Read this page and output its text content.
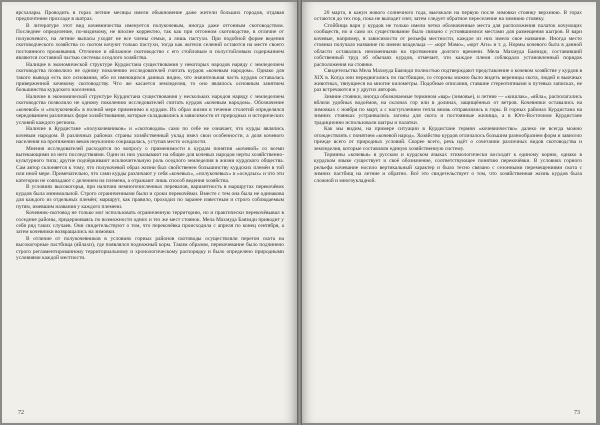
ярсхалары. Проводить в горах летние месяцы имели обыкновение даже жители больших городов, отдавая предпочтение прохладе в шатрах.

В литературе этот вид кочевничества именуется полукочевым, иногда даже отгонным скотоводством. Последнее определение, по-видимому, не вполне корректно, так как при отгонном скотоводстве, в отличие от полукочевого, на летние выпасы уходят не все члены семьи, а лишь пастухи. При подобной форме ведения скотоводческого хозяйства со скотом кочуют только пастухи, тогда как жители селений остаются на месте своего постоянного проживания. Отгонное и яйлажное скотоводство с его стойловым и полустойловым содержанием являются составной частью системы оседлого хозяйства.

Налицие в экономической структуре Курдистана существования у некоторых народов наряду с земледелием скотоводства позволило не одному поколению исследователей считать курдов «кочевым народом». Однако для такого вывода есть все основания, ибо из имеющихся данных видно, что значительная часть курдов оставалась приверженной кочевому скотоводству. Что же касается земледелия, то оно являлось основным занятием большинства курдского населения.

Наличие в экономической структуре Курдистана существования у нескольких народов наряду с земледелием скотоводства позволило не одному поколению исследователей считать курдов «кочевым народом». Обозначение «кочевой» и «полукочевой» в полной мере применимо к курдам. Их образ жизни в течение столетий определялся чередованием различных форм хозяйствования, которые складывались в зависимости от природных и исторических условий каждого региона.

Наличие в Курдистане «полукочевников» и «скотоводов» само по себе не означает, что курды являлись кочевым народом. В различных районах страны хозяйственный уклад имел свои особенности, а доля кочевого населения на протяжении веков неуклонно сокращалась, уступая место оседлости.

Мнения исследователей расходятся по вопросу о применимости к курдам понятия «кочевой» со всеми вытекающими из него последствиями. Одни из них указывают на общие для кочевых народов черты хозяйственно-культурного типа; другие подчёркивают исключительную роль оседлого земледелия в жизни курдского общества. Сам автор склоняется к тому, что полукочевой образ жизни был свойственен большинству курдских племён в той или иной мере. Примечательно, что сами курды различают у себя «кочевых», «полукочевых» и «оседлых» и что эти категории не совпадают с делением на племена, а отражают лишь способ ведения хозяйства.

В условиях высокогорья, при наличии немногочисленных перевалов, вариантность в маршрутах перекочёвок курдов была минимальной. Строго ограниченными были и сроки перекочёвки. Вместе с тем она была не одинакова для каждого из отдельных племён; маршрут, как правило, проходил по заранее известным и строго соблюдаемым путям, имевшим названия у каждого племени.

Кочевник-скотовод не только мог использовать ограниченную территорию, но и практически перекочёвывал в соседние районы, придерживаясь по возможности одних и тех же мест стоянок. Мела Махмуда Баязиди приводит у себя ряд таких случаев. Они свидетельствуют о том, что перекочёвка происходила с апреля по конец сентября, а затем кочевники возвращались на зимовки.

В отличие от полукочевников в условиях горных районов скотоводы осуществляли перегон скота на высокогорные пастбища (яйлахи), где появлялся подножный корм. Таким образом, перекочевание было подчинено строго регламентированному территориальному и хронологическому распорядку и было определено природными условиями каждой местности.

72

20 марта, в канун нового солнечного года, выезжали на первую после зимовки стоянку верхнюю. В горах остаются до тех пор, пока не выпадет снег, затем следует обратное переселение на зимнюю стоянку.

Стойбища вари у курдов не только имели четко обозначенные места для расположения палаток кочующих сообществ, но и само их существование было связано с устоявшимися местами для размещения шатров. В вари кочевые, например, в зависимости от рельефа местности, каждое из них имело свое название. Иногда место стоянки получало название по имени владельца — «юрт Мамо», «юрт Аги» и т. д. Нормы кочевого быта в данной области оставались неизменными на протяжении долгого времени. Мела Махмуда Баязиди, составивший собственный труд об обычаях курдов, отмечает, что каждое племя соблюдало установленный порядок расположения на стоянке.

Свидетельства Мела Махмуда Баязиди полностью подтверждают представление о кочевом хозяйстве у курдов в XIX в. Когда они передвигались по пастбищам, со стороны можно было видеть вереницы скота, людей и вьючных животных, тянущиеся на многие километры. Подобные описания, ставшие стереотипными в путевых записках, не раз встречаются и у других авторов.

Зимние стоянки, иногда обозначаемые термином «вар» (зимовье), и летние — «кишлак», «яйла», располагались вблизи удобных водоёмов, на склонах гор или в долинах, защищённых от ветров. Кочевники оставались на зимовках с ноября по март, а с наступлением тепла вновь отправлялись в горы. В горных районах Курдистана на зимних стоянках устраивались загоны для скота и постоянные жилища, а в Юго-Восточном Курдистане традиционно использовали шатры и палатки.

Как мы видим, на примере ситуации в Курдистане термин «кочевничество» далеко не всегда можно отождествлять с понятием «кочевой народ». Хозяйство курдов отличалось большим разнообразием форм и зависело прежде всего от природных условий. Скорее всего, речь идёт о сочетании различных видов скотоводства и земледелия, которые составляли единую хозяйственную систему.

Термины «кочевья» в русском и курдском языках этимологически восходят к единому корню, однако в курдском языке существует и своё обозначение, соответствующее понятию перекочёвки. В условиях горного рельефа кочевание носило вертикальный характер и было тесно связано с сезонными перемещениями скота с зимних пастбищ на летние и обратно. Всё это свидетельствует о том, что хозяйственная жизнь курдов была сложной и многоукладной.

73
